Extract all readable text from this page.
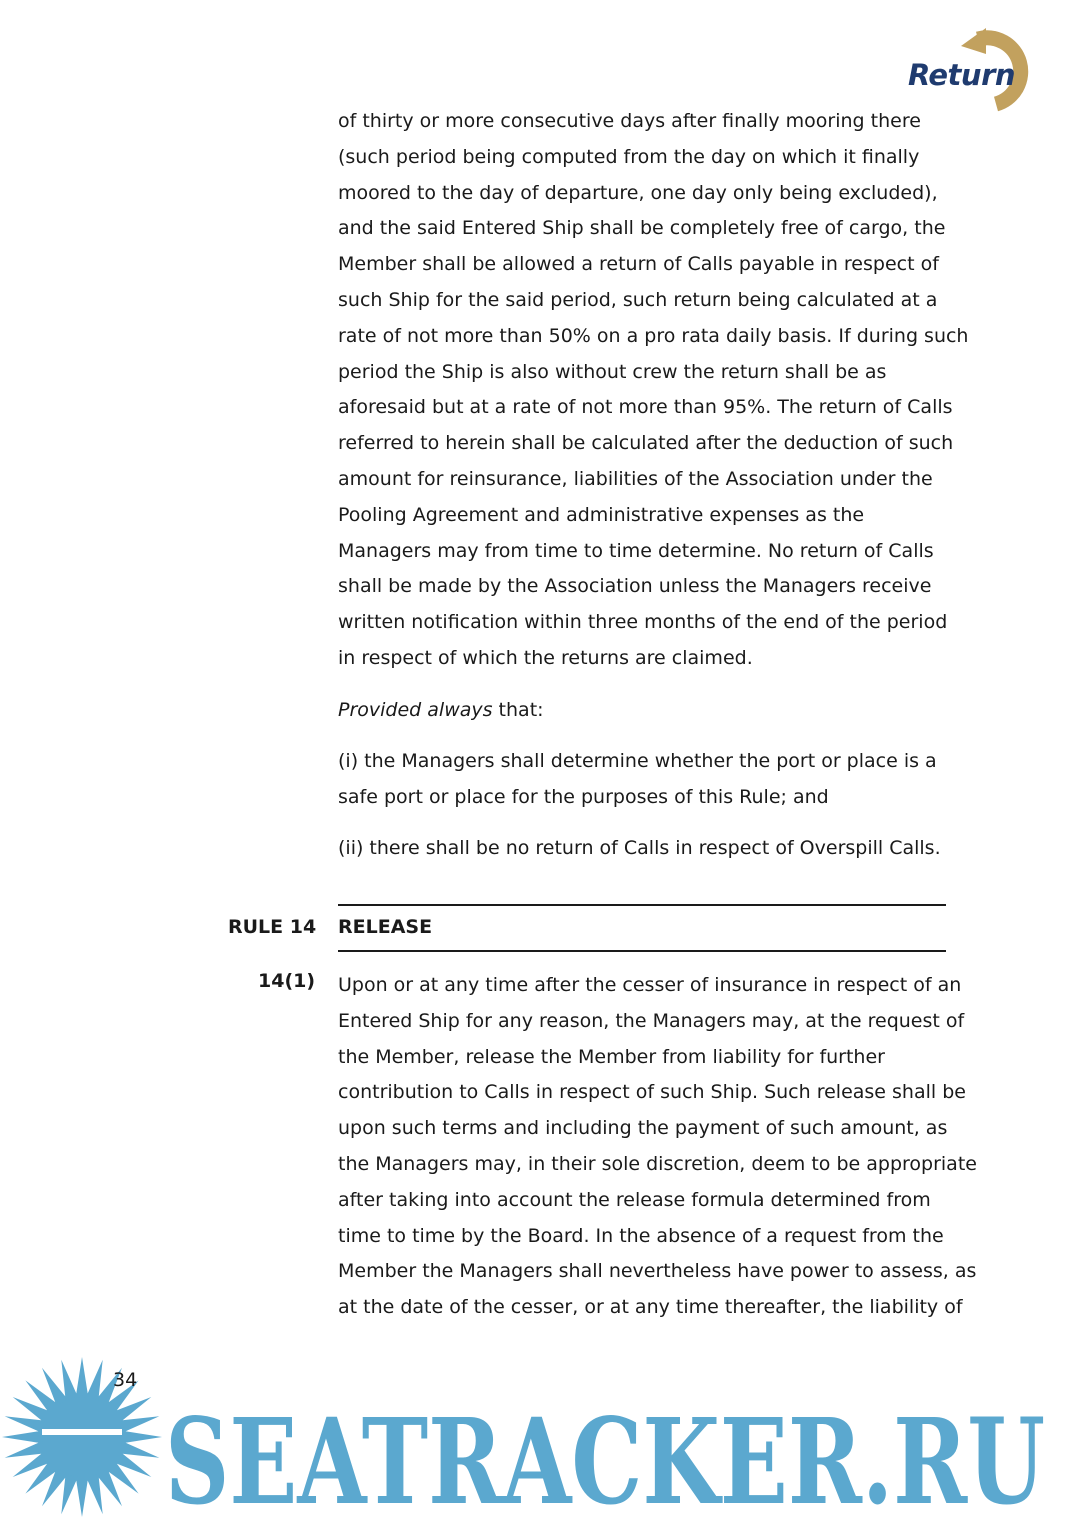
Return
of thirty or more consecutive days after finally mooring there
(such period being computed from the day on which it finally
moored to the day of departure, one day only being excluded),
and the said Entered Ship shall be completely free of cargo, the
Member shall be allowed a return of Calls payable in respect of
such Ship for the said period, such return being calculated at a
rate of not more than 50% on a pro rata daily basis. If during such
period the Ship is also without crew the return shall be as
aforesaid but at a rate of not more than 95%. The return of Calls
referred to herein shall be calculated after the deduction of such
amount for reinsurance, liabilities of the Association under the
Pooling Agreement and administrative expenses as the
Managers may from time to time determine. No return of Calls
shall be made by the Association unless the Managers receive
written notification within three months of the end of the period
in respect of which the returns are claimed.

Provided always that:

(i) the Managers shall determine whether the port or place is a
safe port or place for the purposes of this Rule; and
(ii) there shall be no return of Calls in respect of Overspill Calls.
RULE 14 RELEASE
14(1) Upon or at any time after the cesser of insurance in respect of an
Entered Ship for any reason, the Managers may, at the request of
the Member, release the Member from liability for further
contribution to Calls in respect of such Ship. Such release shall be
upon such terms and including the payment of such amount, as
the Managers may, in their sole discretion, deem to be appropriate
after taking into account the release formula determined from
time to time by the Board. In the absence of a request from the
Member the Managers shall nevertheless have power to assess, as
at the date of the cesser, or at any time thereafter, the liability of
SEATRACKER.RU
34
